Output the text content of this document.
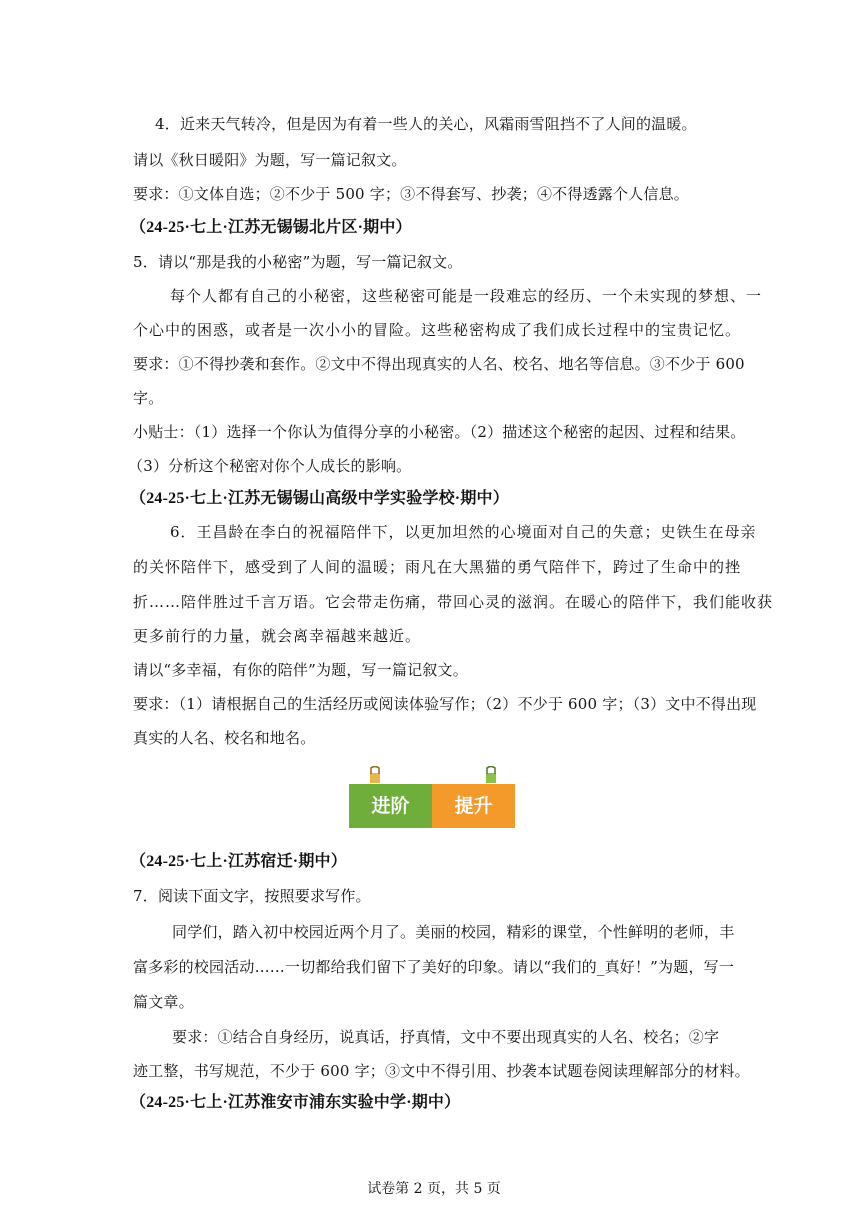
4．近来天气转冷，但是因为有着一些人的关心，风霜雨雪阻挡不了人间的温暖。
请以《秋日暖阳》为题，写一篇记叙文。
要求：①文体自选；②不少于 500 字；③不得套写、抄袭；④不得透露个人信息。
（24-25·七上·江苏无锡锡北片区·期中）
5．请以“那是我的小秘密”为题，写一篇记叙文。
每个人都有自己的小秘密，这些秘密可能是一段难忘的经历、一个未实现的梦想、一
个心中的困惑，或者是一次小小的冒险。这些秘密构成了我们成长过程中的宝贵记忆。
要求：①不得抄袭和套作。②文中不得出现真实的人名、校名、地名等信息。③不少于 600
字。
小贴士：（1）选择一个你认为值得分享的小秘密。（2）描述这个秘密的起因、过程和结果。
（3）分析这个秘密对你个人成长的影响。
（24-25·七上·江苏无锡锡山高级中学实验学校·期中）
6．王昌龄在李白的祝福陪伴下，以更加坦然的心境面对自己的失意；史铁生在母亲
的关怀陪伴下，感受到了人间的温暖；雨凡在大黑猫的勇气陪伴下，跨过了生命中的挫
折……陪伴胜过千言万语。它会带走伤痛，带回心灵的滋润。在暖心的陪伴下，我们能收获
更多前行的力量，就会离幸福越来越近。
请以“多幸福，有你的陪伴”为题，写一篇记叙文。
要求：（1）请根据自己的生活经历或阅读体验写作；（2）不少于 600 字；（3）文中不得出现
真实的人名、校名和地名。
进阶	提升
（24-25·七上·江苏宿迁·期中）
7．阅读下面文字，按照要求写作。
同学们，踏入初中校园近两个月了。美丽的校园，精彩的课堂，个性鲜明的老师，丰
富多彩的校园活动……一切都给我们留下了美好的印象。请以“我们的_真好！”为题，写一
篇文章。
要求：①结合自身经历，说真话，抒真情，文中不要出现真实的人名、校名；②字
迹工整，书写规范，不少于 600 字；③文中不得引用、抄袭本试题卷阅读理解部分的材料。
（24-25·七上·江苏淮安市浦东实验中学·期中）
试卷第 2 页，共 5 页
